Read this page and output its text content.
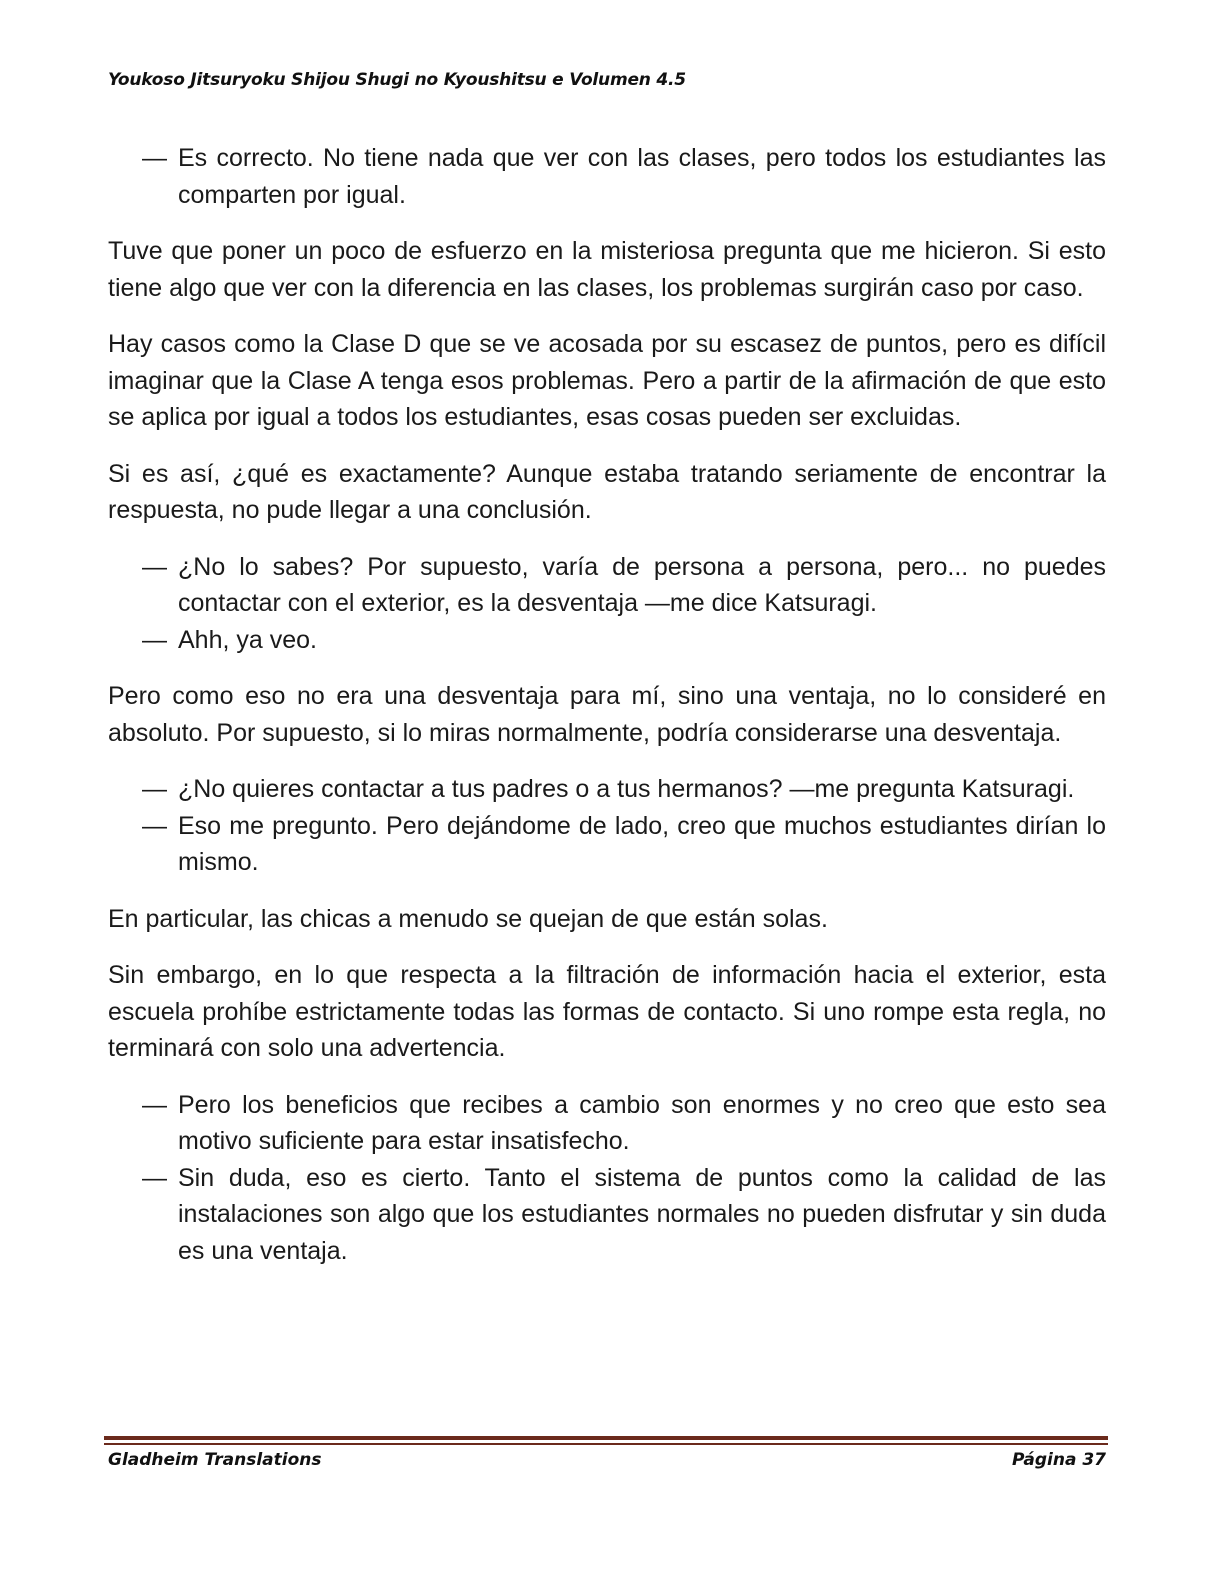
Youkoso Jitsuryoku Shijou Shugi no Kyoushitsu e Volumen 4.5

— Es correcto. No tiene nada que ver con las clases, pero todos los estudiantes las comparten por igual.

Tuve que poner un poco de esfuerzo en la misteriosa pregunta que me hicieron. Si esto tiene algo que ver con la diferencia en las clases, los problemas surgirán caso por caso.

Hay casos como la Clase D que se ve acosada por su escasez de puntos, pero es difícil imaginar que la Clase A tenga esos problemas. Pero a partir de la afirmación de que esto se aplica por igual a todos los estudiantes, esas cosas pueden ser excluidas.

Si es así, ¿qué es exactamente? Aunque estaba tratando seriamente de encontrar la respuesta, no pude llegar a una conclusión.

— ¿No lo sabes? Por supuesto, varía de persona a persona, pero... no puedes contactar con el exterior, es la desventaja —me dice Katsuragi.

— Ahh, ya veo.

Pero como eso no era una desventaja para mí, sino una ventaja, no lo consideré en absoluto. Por supuesto, si lo miras normalmente, podría considerarse una desventaja.

— ¿No quieres contactar a tus padres o a tus hermanos? —me pregunta Katsuragi.

— Eso me pregunto. Pero dejándome de lado, creo que muchos estudiantes dirían lo mismo.

En particular, las chicas a menudo se quejan de que están solas.

Sin embargo, en lo que respecta a la filtración de información hacia el exterior, esta escuela prohíbe estrictamente todas las formas de contacto. Si uno rompe esta regla, no terminará con solo una advertencia.

— Pero los beneficios que recibes a cambio son enormes y no creo que esto sea motivo suficiente para estar insatisfecho.

— Sin duda, eso es cierto. Tanto el sistema de puntos como la calidad de las instalaciones son algo que los estudiantes normales no pueden disfrutar y sin duda es una ventaja.

Gladheim Translations	Página 37
